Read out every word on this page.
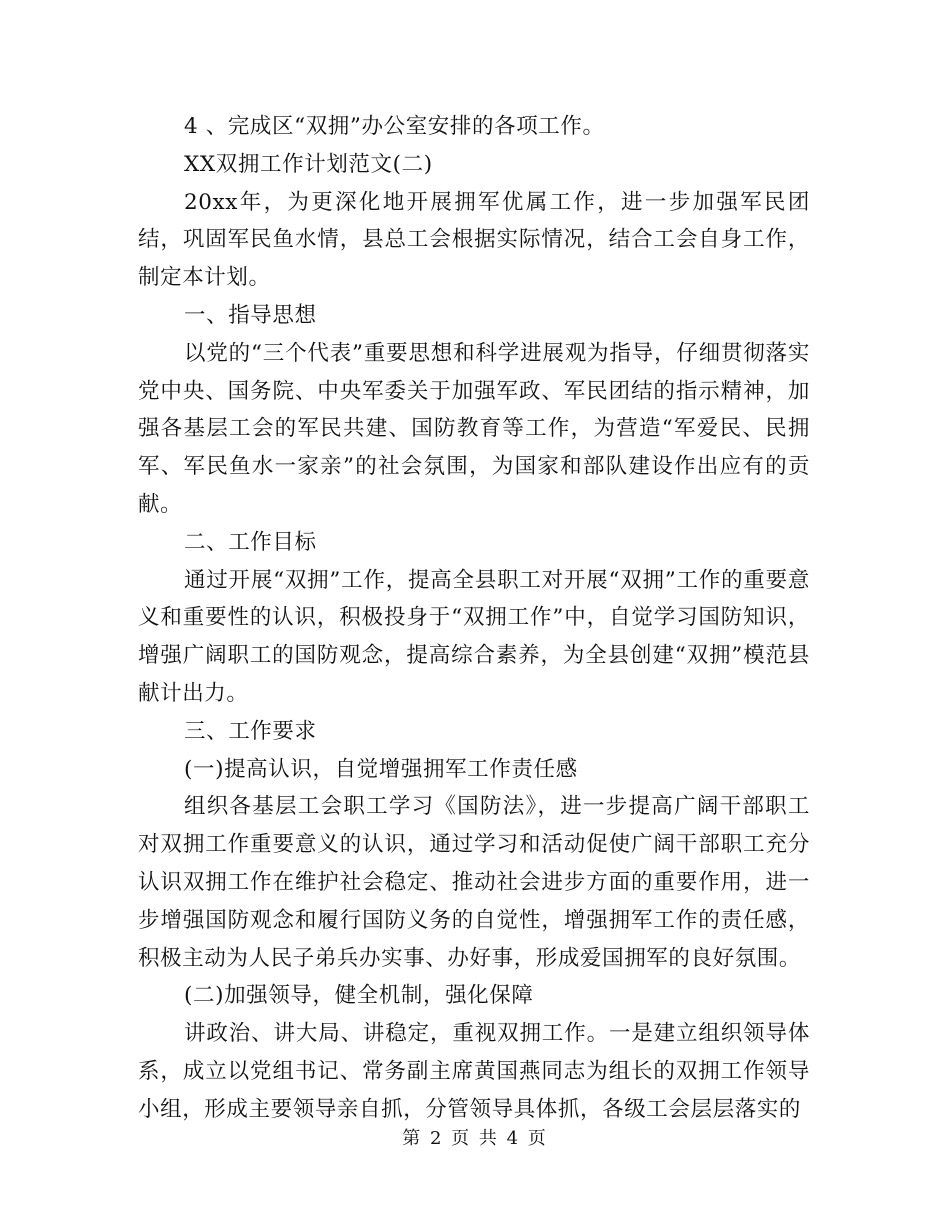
4 、完成区“双拥”办公室安排的各项工作。

XX双拥工作计划范文(二)

20xx年，为更深化地开展拥军优属工作，进一步加强军民团结，巩固军民鱼水情，县总工会根据实际情况，结合工会自身工作，制定本计划。

一、指导思想

以党的“三个代表”重要思想和科学进展观为指导，仔细贯彻落实党中央、国务院、中央军委关于加强军政、军民团结的指示精神，加强各基层工会的军民共建、国防教育等工作，为营造“军爱民、民拥军、军民鱼水一家亲”的社会氛围，为国家和部队建设作出应有的贡献。

二、工作目标

通过开展“双拥”工作，提高全县职工对开展“双拥”工作的重要意义和重要性的认识，积极投身于“双拥工作”中，自觉学习国防知识，增强广阔职工的国防观念，提高综合素养，为全县创建“双拥”模范县献计出力。

三、工作要求

(一)提高认识，自觉增强拥军工作责任感

组织各基层工会职工学习《国防法》，进一步提高广阔干部职工对双拥工作重要意义的认识，通过学习和活动促使广阔干部职工充分认识双拥工作在维护社会稳定、推动社会进步方面的重要作用，进一步增强国防观念和履行国防义务的自觉性，增强拥军工作的责任感，积极主动为人民子弟兵办实事、办好事，形成爱国拥军的良好氛围。

(二)加强领导，健全机制，强化保障

讲政治、讲大局、讲稳定，重视双拥工作。一是建立组织领导体系，成立以党组书记、常务副主席黄国燕同志为组长的双拥工作领导小组，形成主要领导亲自抓，分管领导具体抓，各级工会层层落实的

第 2 页 共 4 页
